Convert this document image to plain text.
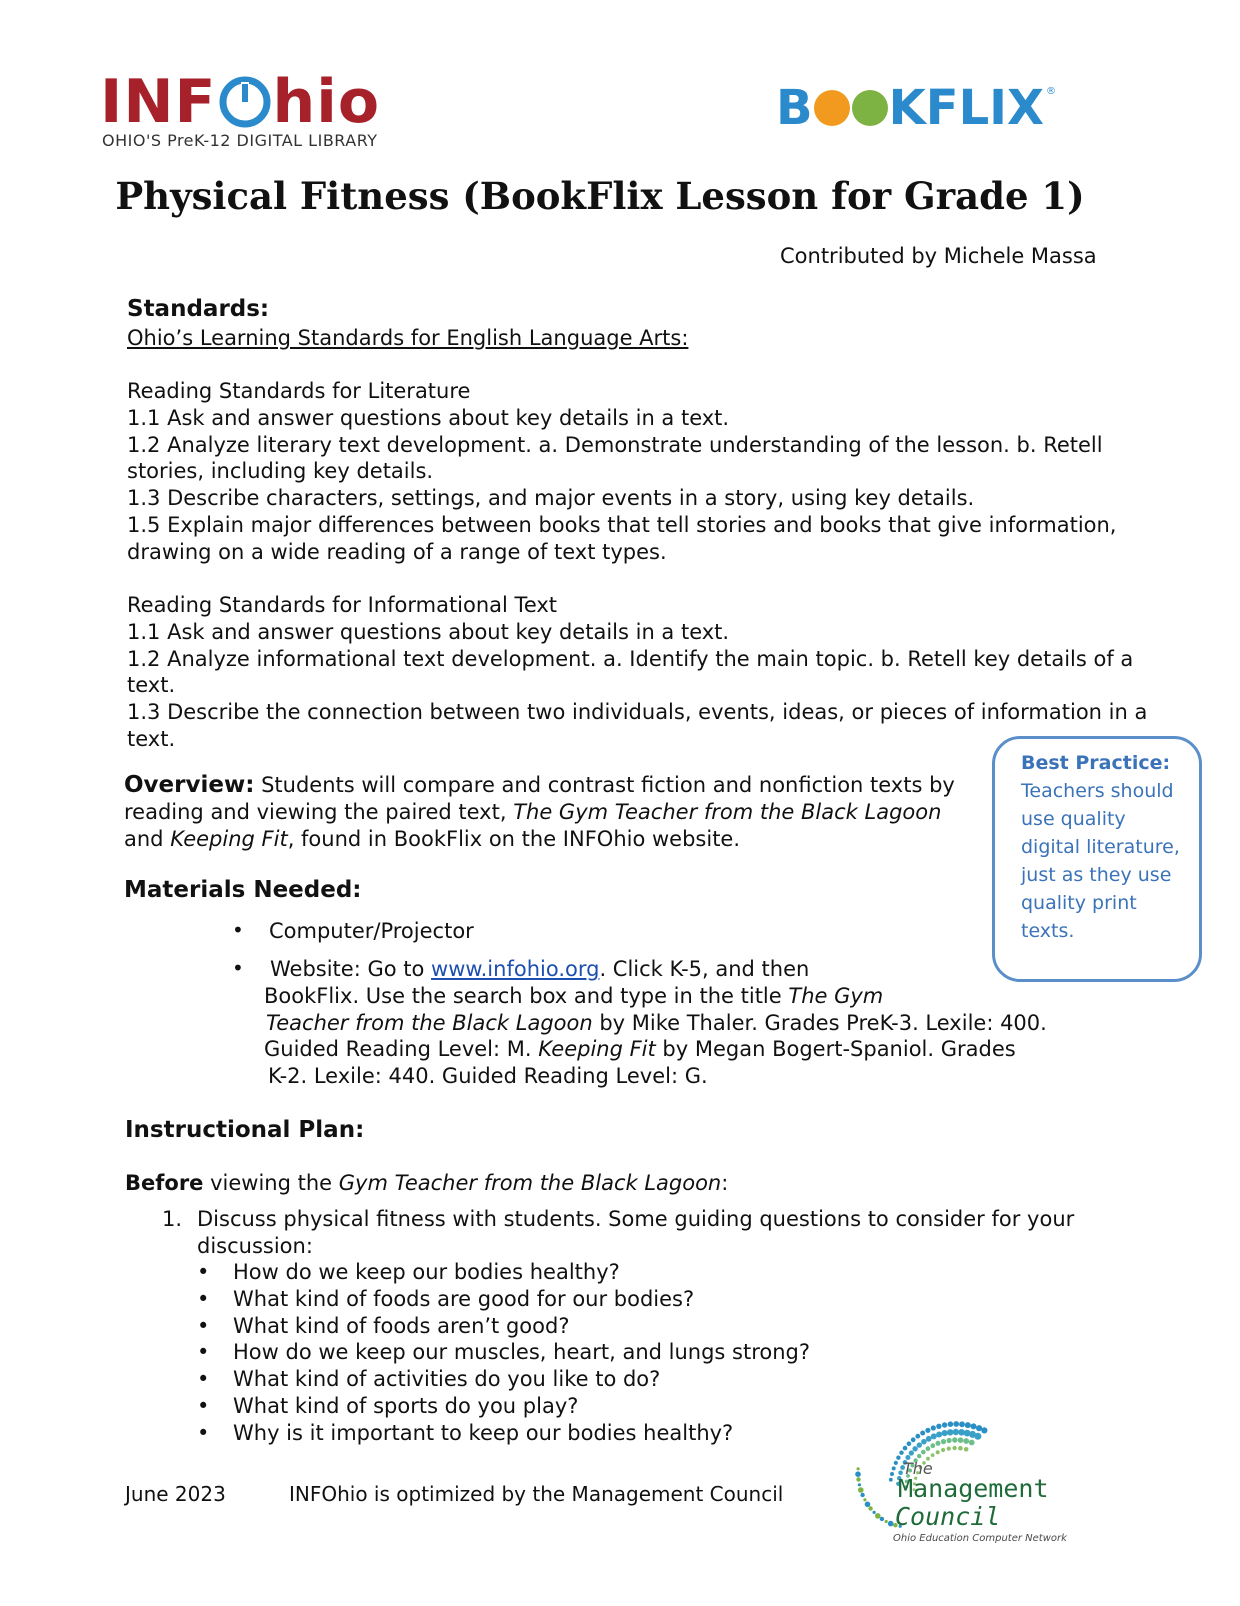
INF hio
OHIO'S PreK-12 DIGITAL LIBRARY
B KFLIX ®
Physical Fitness (BookFlix Lesson for Grade 1)
Contributed by Michele Massa
Standards:
Ohio’s Learning Standards for English Language Arts:
Reading Standards for Literature
1.1 Ask and answer questions about key details in a text.
1.2 Analyze literary text development. a. Demonstrate understanding of the lesson. b. Retell
stories, including key details.
1.3 Describe characters, settings, and major events in a story, using key details.
1.5 Explain major differences between books that tell stories and books that give information,
drawing on a wide reading of a range of text types.
Reading Standards for Informational Text
1.1 Ask and answer questions about key details in a text.
1.2 Analyze informational text development. a. Identify the main topic. b. Retell key details of a
text.
1.3 Describe the connection between two individuals, events, ideas, or pieces of information in a
text.
Overview: Students will compare and contrast fiction and nonfiction texts by
reading and viewing the paired text, The Gym Teacher from the Black Lagoon
and Keeping Fit, found in BookFlix on the INFOhio website.
Best Practice:
Teachers should
use quality
digital literature,
just as they use
quality print
texts.
Materials Needed:
• Computer/Projector
• Website: Go to www.infohio.org. Click K-5, and then
BookFlix. Use the search box and type in the title The Gym
Teacher from the Black Lagoon by Mike Thaler. Grades PreK-3. Lexile: 400.
Guided Reading Level: M. Keeping Fit by Megan Bogert-Spaniol. Grades
K-2. Lexile: 440. Guided Reading Level: G.
Instructional Plan:
Before viewing the Gym Teacher from the Black Lagoon:
1. Discuss physical fitness with students. Some guiding questions to consider for your
discussion:
• How do we keep our bodies healthy?
• What kind of foods are good for our bodies?
• What kind of foods aren’t good?
• How do we keep our muscles, heart, and lungs strong?
• What kind of activities do you like to do?
• What kind of sports do you play?
• Why is it important to keep our bodies healthy?
June 2023	INFOhio is optimized by the Management Council
The
Management
Council
Ohio Education Computer Network
